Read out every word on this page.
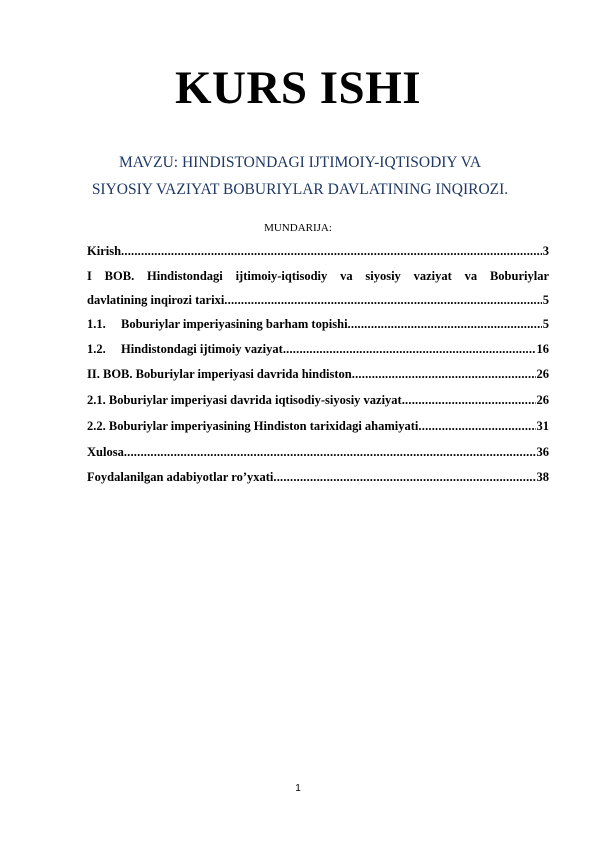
KURS ISHI
MAVZU: HINDISTONDAGI IJTIMOIY-IQTISODIY VA
SIYOSIY VAZIYAT BOBURIYLAR DAVLATINING INQIROZI.
MUNDARIJA:
Kirish .....	3
I BOB. Hindistondagi ijtimoiy-iqtisodiy va siyosiy vaziyat va Boburiylar
davlatining inqirozi tarixi .....	5
1.1. Boburiylar imperiyasining barham topishi .....	5
1.2. Hindistondagi ijtimoiy vaziyat .....	16
II. BOB. Boburiylar imperiyasi davrida hindiston .....	26
2.1. Boburiylar imperiyasi davrida iqtisodiy-siyosiy vaziyat .....	26
2.2. Boburiylar imperiyasining Hindiston tarixidagi ahamiyati .....	31
Xulosa .....	36
Foydalanilgan adabiyotlar ro’yxati .....	38
1
